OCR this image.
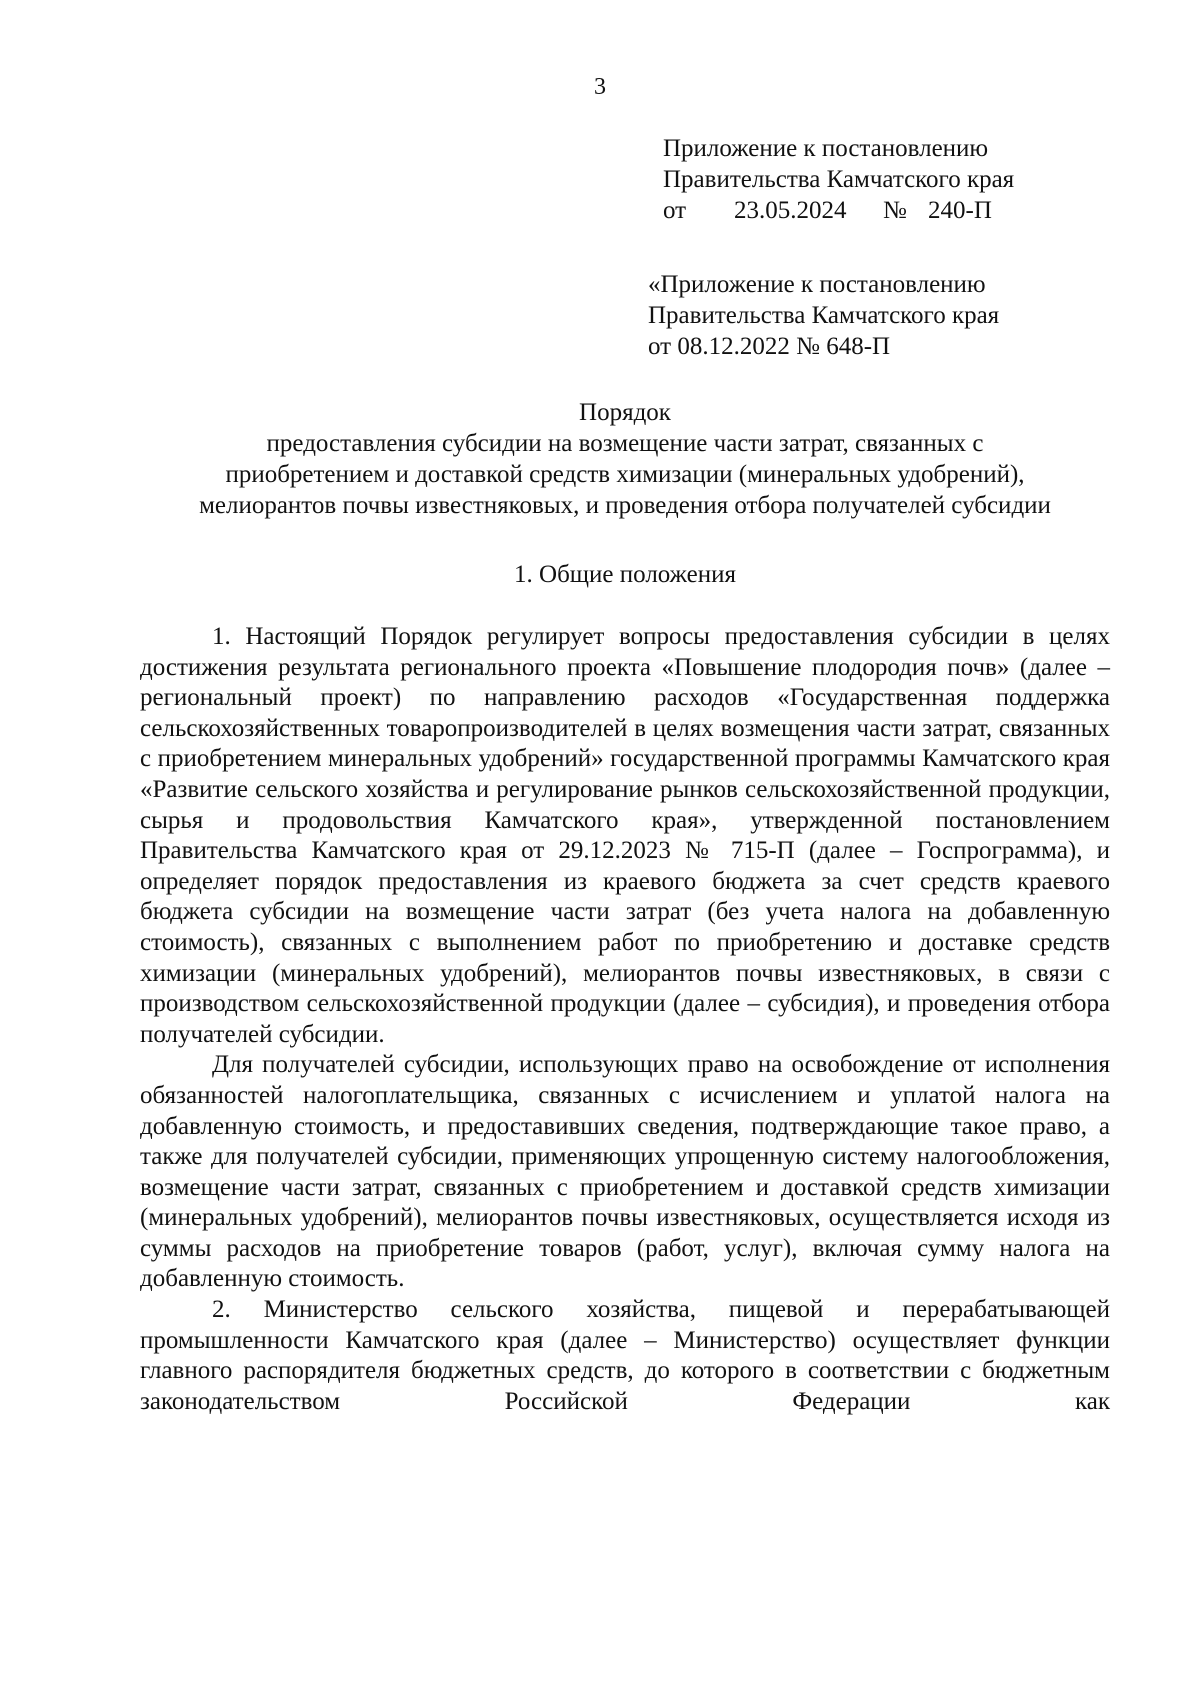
3
Приложение к постановлению
Правительства Камчатского края
от 23.05.2024 № 240-П
«Приложение к постановлению
Правительства Камчатского края
от 08.12.2022 № 648-П
Порядок
предоставления субсидии на возмещение части затрат, связанных с
приобретением и доставкой средств химизации (минеральных удобрений),
мелиорантов почвы известняковых, и проведения отбора получателей субсидии
1. Общие положения

1. Настоящий Порядок регулирует вопросы предоставления субсидии в целях достижения результата регионального проекта «Повышение плодородия почв» (далее – региональный проект) по направлению расходов «Государственная поддержка сельскохозяйственных товаропроизводителей в целях возмещения части затрат, связанных с приобретением минеральных удобрений» государственной программы Камчатского края «Развитие сельского хозяйства и регулирование рынков сельскохозяйственной продукции, сырья и продовольствия Камчатского края», утвержденной постановлением Правительства Камчатского края от 29.12.2023 № 715-П (далее – Госпрограмма), и определяет порядок предоставления из краевого бюджета за счет средств краевого бюджета субсидии на возмещение части затрат (без учета налога на добавленную стоимость), связанных с выполнением работ по приобретению и доставке средств химизации (минеральных удобрений), мелиорантов почвы известняковых, в связи с производством сельскохозяйственной продукции (далее – субсидия), и проведения отбора получателей субсидии.

Для получателей субсидии, использующих право на освобождение от исполнения обязанностей налогоплательщика, связанных с исчислением и уплатой налога на добавленную стоимость, и предоставивших сведения, подтверждающие такое право, а также для получателей субсидии, применяющих упрощенную систему налогообложения, возмещение части затрат, связанных с приобретением и доставкой средств химизации (минеральных удобрений), мелиорантов почвы известняковых, осуществляется исходя из суммы расходов на приобретение товаров (работ, услуг), включая сумму налога на добавленную стоимость.

2. Министерство сельского хозяйства, пищевой и перерабатывающей промышленности Камчатского края (далее – Министерство) осуществляет функции главного распорядителя бюджетных средств, до которого в соответствии с бюджетным законодательством Российской Федерации как
